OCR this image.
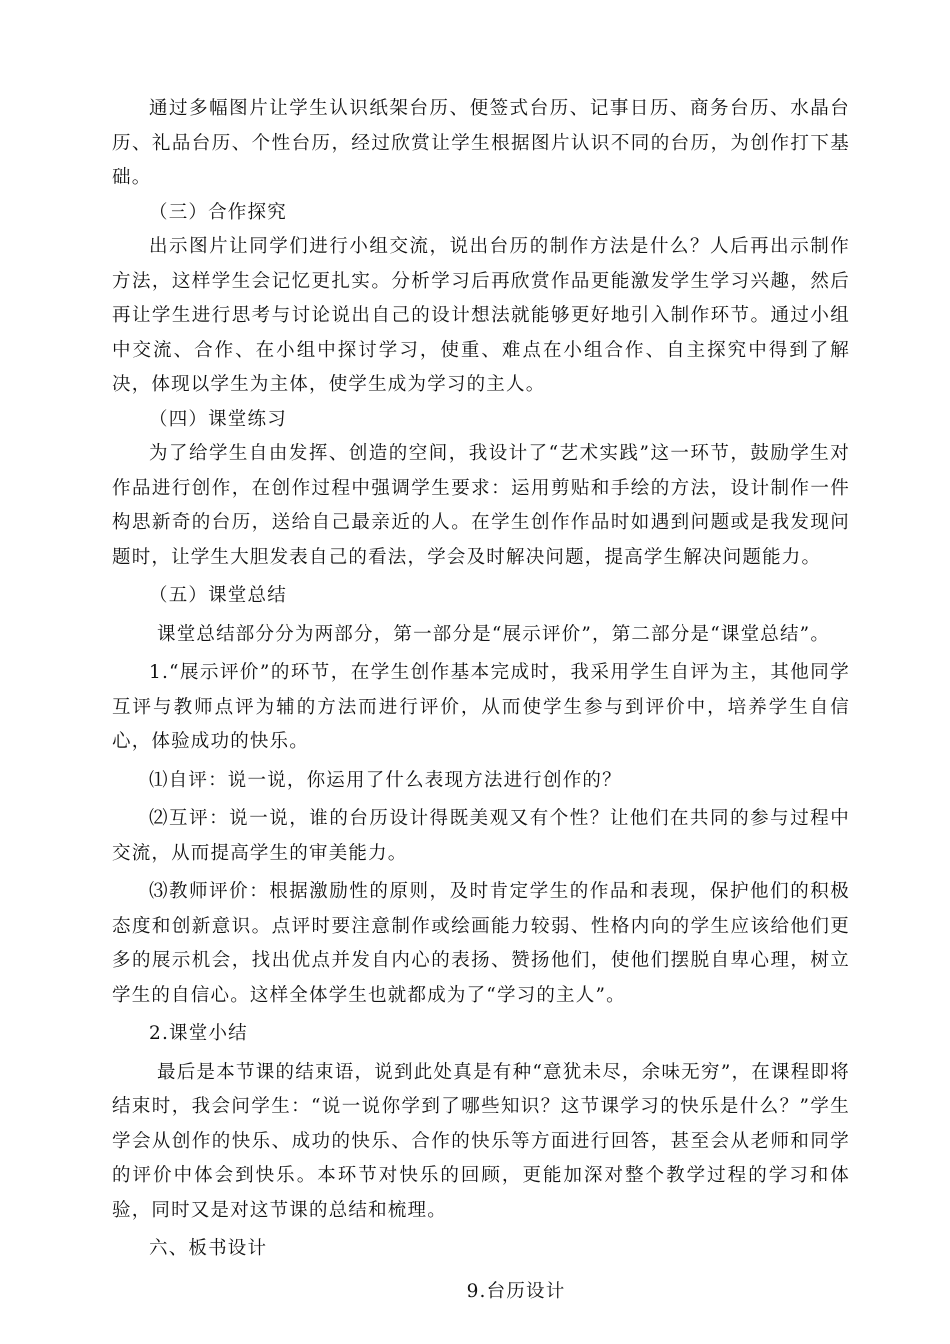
通过多幅图片让学生认识纸架台历、便签式台历、记事日历、商务台历、水晶台历、礼品台历、个性台历，经过欣赏让学生根据图片认识不同的台历，为创作打下基础。

（三）合作探究

出示图片让同学们进行小组交流，说出台历的制作方法是什么？人后再出示制作方法，这样学生会记忆更扎实。分析学习后再欣赏作品更能激发学生学习兴趣，然后再让学生进行思考与讨论说出自己的设计想法就能够更好地引入制作环节。通过小组中交流、合作、在小组中探讨学习，使重、难点在小组合作、自主探究中得到了解决，体现以学生为主体，使学生成为学习的主人。

（四）课堂练习

为了给学生自由发挥、创造的空间，我设计了“艺术实践”这一环节，鼓励学生对作品进行创作，在创作过程中强调学生要求：运用剪贴和手绘的方法，设计制作一件构思新奇的台历，送给自己最亲近的人。在学生创作作品时如遇到问题或是我发现问题时，让学生大胆发表自己的看法，学会及时解决问题，提高学生解决问题能力。

（五）课堂总结

课堂总结部分分为两部分，第一部分是“展示评价”，第二部分是“课堂总结”。

1.“展示评价”的环节，在学生创作基本完成时，我采用学生自评为主，其他同学互评与教师点评为辅的方法而进行评价，从而使学生参与到评价中，培养学生自信心，体验成功的快乐。

⑴自评：说一说，你运用了什么表现方法进行创作的？

⑵互评：说一说，谁的台历设计得既美观又有个性？让他们在共同的参与过程中交流，从而提高学生的审美能力。

⑶教师评价：根据激励性的原则，及时肯定学生的作品和表现，保护他们的积极态度和创新意识。点评时要注意制作或绘画能力较弱、性格内向的学生应该给他们更多的展示机会，找出优点并发自内心的表扬、赞扬他们，使他们摆脱自卑心理，树立学生的自信心。这样全体学生也就都成为了“学习的主人”。

2.课堂小结

最后是本节课的结束语，说到此处真是有种“意犹未尽，余味无穷”，在课程即将结束时，我会问学生：“说一说你学到了哪些知识？这节课学习的快乐是什么？”学生学会从创作的快乐、成功的快乐、合作的快乐等方面进行回答，甚至会从老师和同学的评价中体会到快乐。本环节对快乐的回顾，更能加深对整个教学过程的学习和体验，同时又是对这节课的总结和梳理。

六、板书设计

9.台历设计
